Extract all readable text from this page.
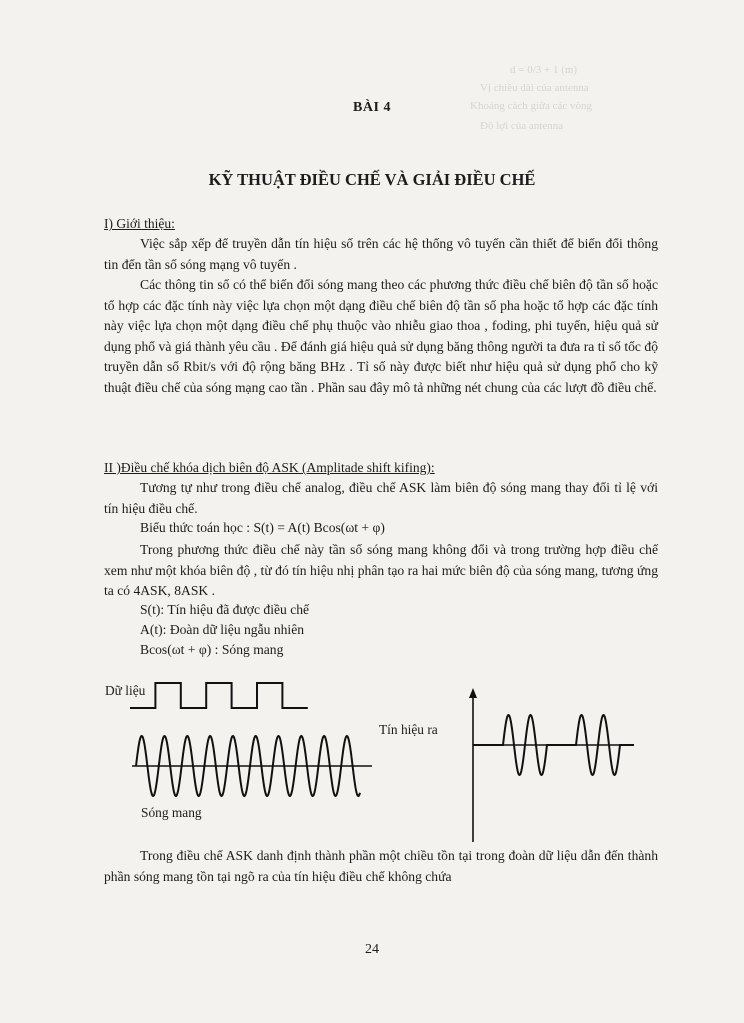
d = 0/3 + 1 (m)
Vị chiều dài của antenna
Khoảng cách giữa các vòng
Độ lợi của antenna
BÀI 4
KỸ THUẬT ĐIỀU CHẾ VÀ GIẢI ĐIỀU CHẾ
I) Giới thiệu:
Việc sắp xếp để truyền dẫn tín hiệu số trên các hệ thống vô tuyến cần thiết để biến đổi thông tin đến tần số sóng mạng vô tuyến .
Các thông tin số có thể biến đổi sóng mang theo các phương thức điều chế biên độ tần số hoặc tổ hợp các đặc tính này việc lựa chọn một dạng điều chế biên độ tần số pha hoặc tổ hợp các đặc tính này việc lựa chọn một dạng điều chế phụ thuộc vào nhiễu giao thoa , foding, phi tuyến, hiệu quả sử dụng phổ và giá thành yêu cầu . Để đánh giá hiệu quả sử dụng băng thông người ta đưa ra tỉ số tốc độ truyền dẫn số Rbit/s với độ rộng băng BHz . Tỉ số này được biết như hiệu quả sử dụng phổ cho kỹ thuật điều chế của sóng mạng cao tần . Phần sau đây mô tả những nét chung của các lượt đồ điều chế.
II )Điều chế khóa dịch biên độ ASK (Amplitade shift kifing):
Tương tự như trong điều chế analog, điều chế ASK làm biên độ sóng mang thay đổi tỉ lệ với tín hiệu điều chế.
Biểu thức toán học : S(t) = A(t) Bcos(ωt + φ)
Trong phương thức điều chế này tần số sóng mang không đổi và trong trường hợp điều chế xem như một khóa biên độ , từ đó tín hiệu nhị phân tạo ra hai mức biên độ của sóng mang, tương ứng ta có 4ASK, 8ASK .
S(t): Tín hiệu đã được điều chế
A(t): Đoàn dữ liệu ngẫu nhiên
Bcos(ωt + φ) : Sóng mang
Dữ liệu
Tín hiệu ra
Sóng mang
Trong điều chế ASK danh định thành phần một chiều tồn tại trong đoàn dữ liệu dẫn đến thành phần sóng mang tồn tại ngõ ra của tín hiệu điều chế không chứa
24
